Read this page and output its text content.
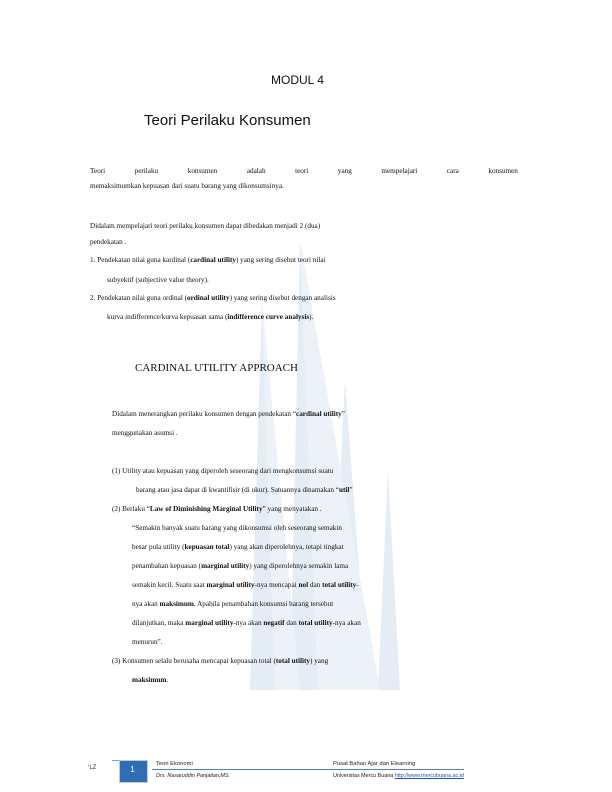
MODUL 4
Teori Perilaku Konsumen
Teori	perilaku	konsumen	adalah	teori	yang	mempelajari	cara	konsumen
memaksimumkan kepuasan dari suatu barang yang dikonsumsinya.
Didalam mempelajari teori perilaku konsumen dapat dibedakan menjadi 2 (dua)
pendekatan .
1. Pendekatan nilai guna kardinal (cardinal utility) yang sering disebut teori nilai
subyektif (subjective value theory).
2. Pendekatan nilai guna ordinal (ordinal utility) yang sering disebut dengan analisis
kurva indifference/kurva kepuasan sama (indifference curve analysis).
CARDINAL UTILITY APPROACH
Didalam menerangkan perilaku konsumen dengan pendekatan “cardinal utility”
menggunakan asumsi .
(1) Utility atau kepuasan yang diperoleh seseorang dari mengkonsumsi suatu
barang atau jasa dapat di kwantifisir (di ukur). Satuannya dinamakan “util”
(2) Berlaku “Law of Diminishing Marginal Utility” yang menyatakan .
“Semakin banyak suatu barang yang dikonsumsi oleh seseorang semakin
besar pula utility (kepuasan total) yang akan diperolehnya, tetapi tingkat
penambahan kepuasan (marginal utility) yang diperolehnya semakin lama
semakin kecil. Suatu saat marginal utility-nya mencapai nol dan total utility-
nya akan maksimum. Apabila penambahan konsumsi barang tersebut
dilanjutkan, maka marginal utility-nya akan negatif dan total utility-nya akan
menurun”.
(3) Konsumen selalu berusaha mencapai kepuasan total (total utility) yang
maksimum.
‘LZ	1
Teori Ekonomi
Drs. Nasaruddin Panjaitan,MS.
Pusat Bahan Ajar dan Elearning
Universitas Mercu Buana http://www.mercubuana.ac.id
